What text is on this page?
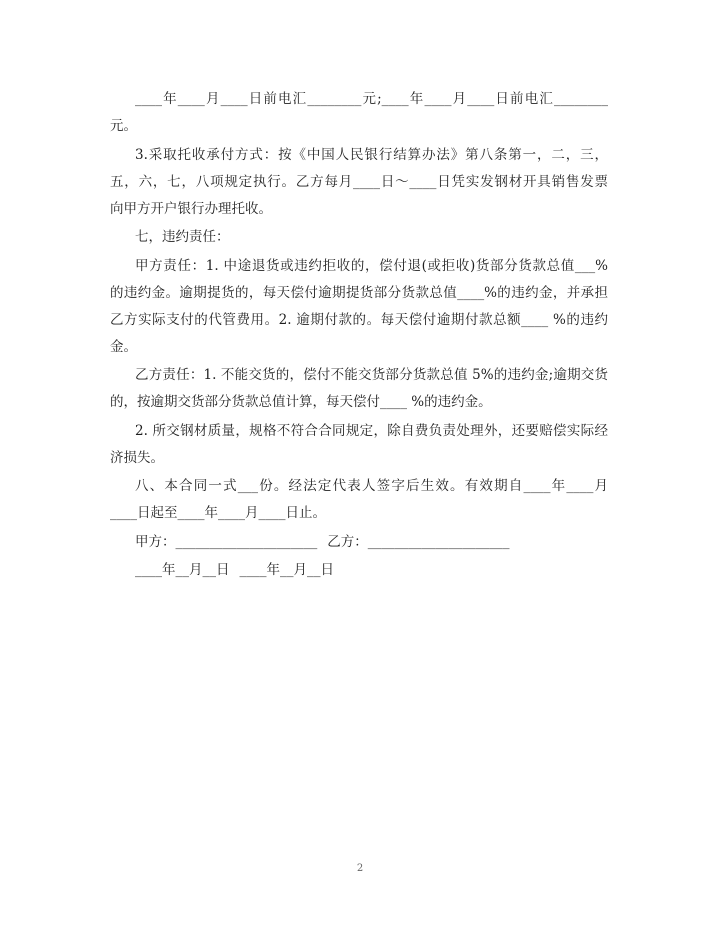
____年____月____日前电汇________元;____年____月____日前电汇________
元。
3.采取托收承付方式：按《中国人民银行结算办法》第八条第一，二，三，
五，六，七，八项规定执行。乙方每月____日～____日凭实发钢材开具销售发票
向甲方开户银行办理托收。
七，违约责任：
甲方责任：1. 中途退货或违约拒收的，偿付退(或拒收)货部分货款总值___%
的违约金。逾期提货的，每天偿付逾期提货部分货款总值____%的违约金，并承担
乙方实际支付的代管费用。2. 逾期付款的。每天偿付逾期付款总额____ %的违约
金。
乙方责任：1. 不能交货的，偿付不能交货部分货款总值 5%的违约金;逾期交货
的，按逾期交货部分货款总值计算，每天偿付____ %的违约金。
2. 所交钢材质量，规格不符合合同规定，除自费负责处理外，还要赔偿实际经
济损失。
八、本合同一式___份。经法定代表人签字后生效。有效期自____年____月
____日起至____年____月____日止。
甲方：_____________________ 乙方：_____________________
____年__月__日 ____年__月__日
2
